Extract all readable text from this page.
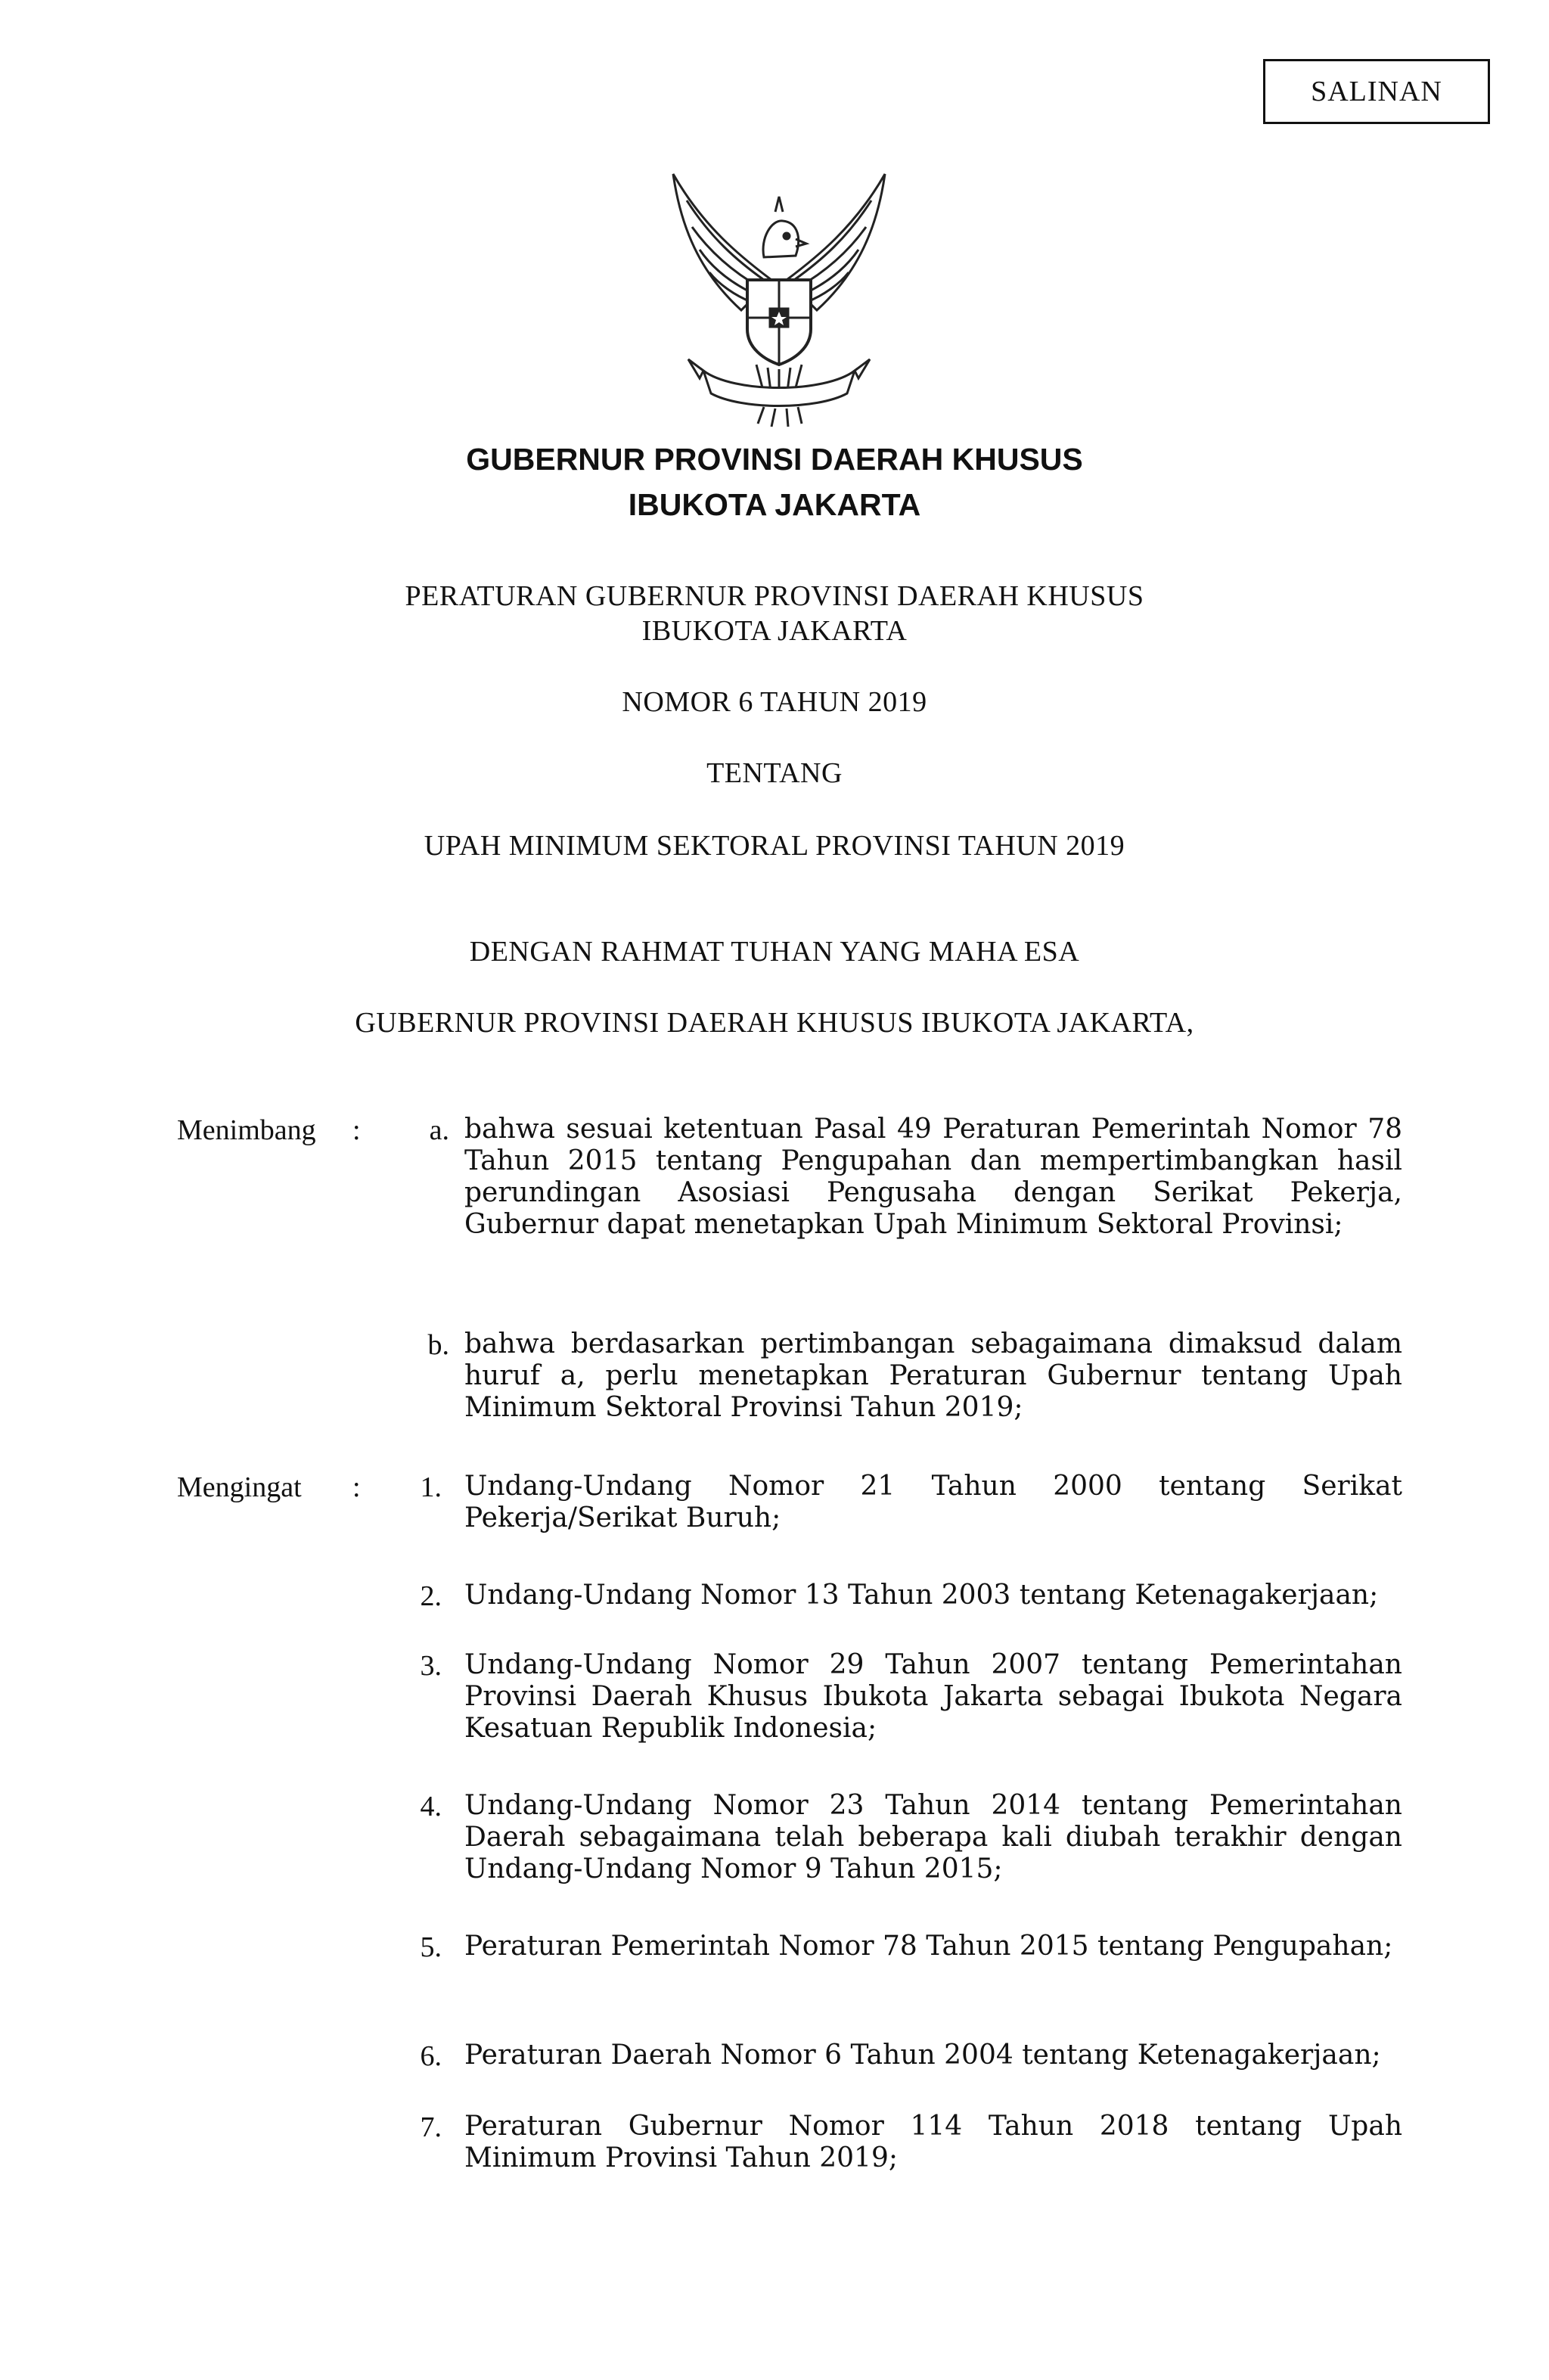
SALINAN
GUBERNUR PROVINSI DAERAH KHUSUS
IBUKOTA JAKARTA
PERATURAN GUBERNUR PROVINSI DAERAH KHUSUS
IBUKOTA JAKARTA
NOMOR 6 TAHUN 2019
TENTANG
UPAH MINIMUM SEKTORAL PROVINSI TAHUN 2019
DENGAN RAHMAT TUHAN YANG MAHA ESA
GUBERNUR PROVINSI DAERAH KHUSUS IBUKOTA JAKARTA,
Menimbang :	a. bahwa sesuai ketentuan Pasal 49 Peraturan Pemerintah Nomor 78 Tahun 2015 tentang Pengupahan dan mempertimbangkan hasil perundingan Asosiasi Pengusaha dengan Serikat Pekerja, Gubernur dapat menetapkan Upah Minimum Sektoral Provinsi;
b. bahwa berdasarkan pertimbangan sebagaimana dimaksud dalam huruf a, perlu menetapkan Peraturan Gubernur tentang Upah Minimum Sektoral Provinsi Tahun 2019;
Mengingat :	1. Undang-Undang Nomor 21 Tahun 2000 tentang Serikat Pekerja/Serikat Buruh;
2. Undang-Undang Nomor 13 Tahun 2003 tentang Ketenagakerjaan;
3. Undang-Undang Nomor 29 Tahun 2007 tentang Pemerintahan Provinsi Daerah Khusus Ibukota Jakarta sebagai Ibukota Negara Kesatuan Republik Indonesia;
4. Undang-Undang Nomor 23 Tahun 2014 tentang Pemerintahan Daerah sebagaimana telah beberapa kali diubah terakhir dengan Undang-Undang Nomor 9 Tahun 2015;
5. Peraturan Pemerintah Nomor 78 Tahun 2015 tentang Pengupahan;
6. Peraturan Daerah Nomor 6 Tahun 2004 tentang Ketenagakerjaan;
7. Peraturan Gubernur Nomor 114 Tahun 2018 tentang Upah Minimum Provinsi Tahun 2019;
